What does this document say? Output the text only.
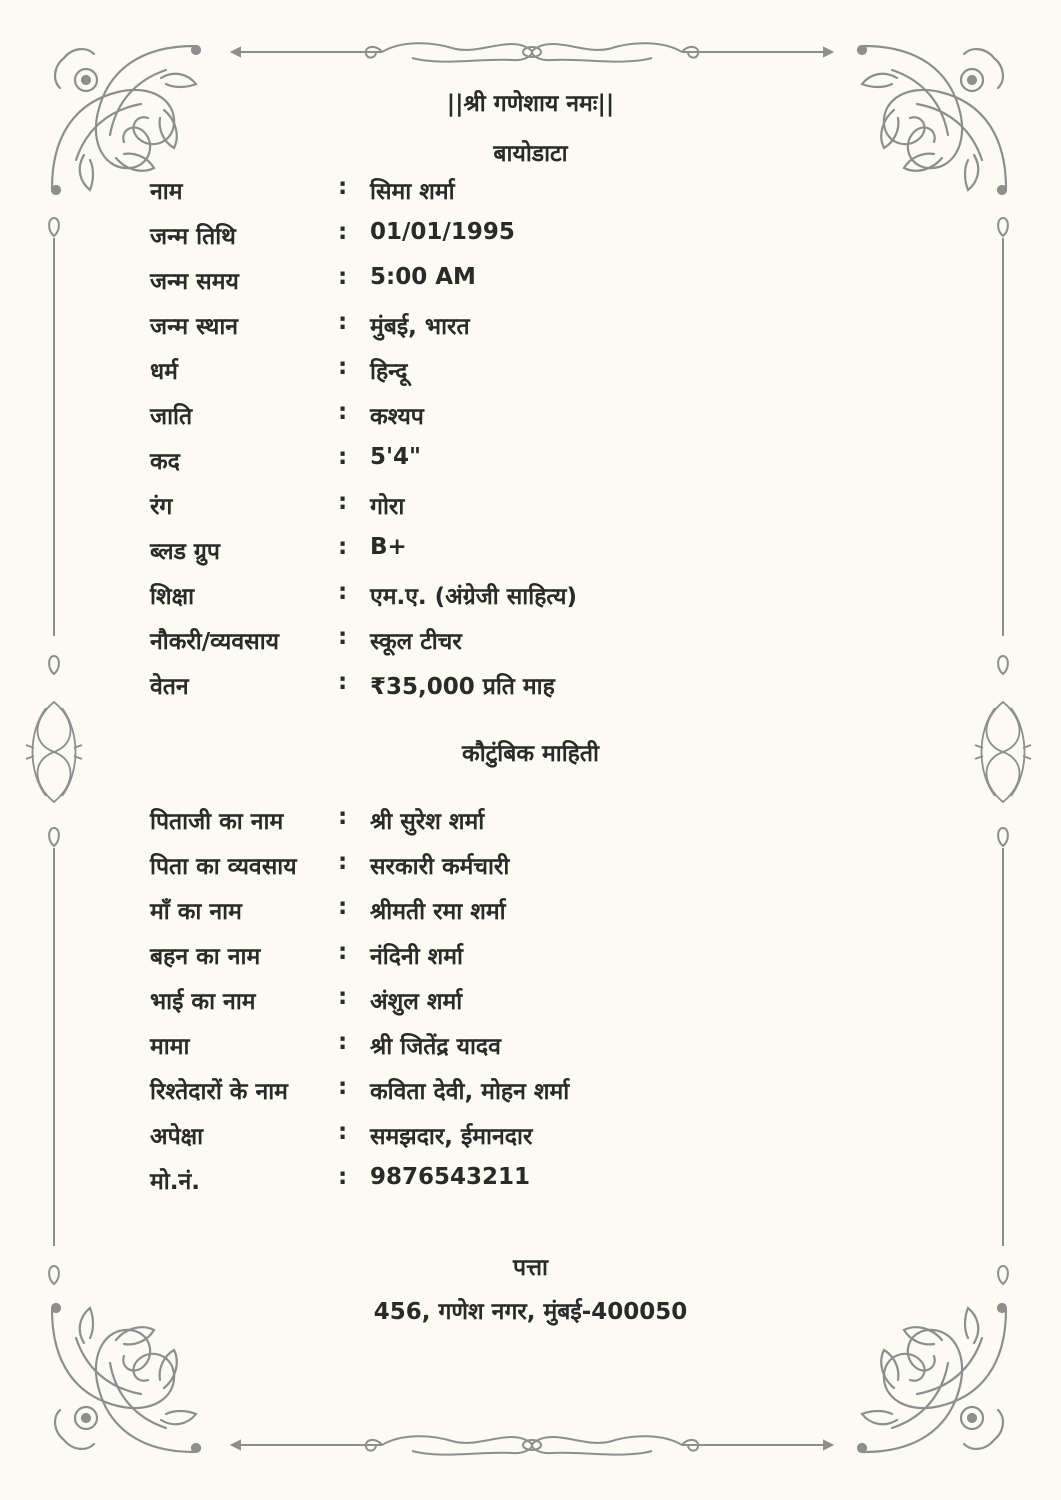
||श्री गणेशाय नमः||
बायोडाटा
नाम	: सिमा शर्मा
जन्म तिथि	: 01/01/1995
जन्म समय	: 5:00 AM
जन्म स्थान	: मुंबई, भारत
धर्म	: हिन्दू
जाति	: कश्यप
कद	: 5'4"
रंग	: गोरा
ब्लड ग्रुप	: B+
शिक्षा	: एम.ए. (अंग्रेजी साहित्य)
नौकरी/व्यवसाय	: स्कूल टीचर
वेतन	: ₹35,000 प्रति माह
कौटुंबिक माहिती
पिताजी का नाम : श्री सुरेश शर्मा
पिता का व्यवसाय : सरकारी कर्मचारी
माँ का नाम	: श्रीमती रमा शर्मा
बहन का नाम	: नंदिनी शर्मा
भाई का नाम	: अंशुल शर्मा
मामा	: श्री जितेंद्र यादव
रिश्तेदारों के नाम : कविता देवी, मोहन शर्मा
अपेक्षा	: समझदार, ईमानदार
मो.नं.	: 9876543211
पत्ता
456, गणेश नगर, मुंबई-400050
